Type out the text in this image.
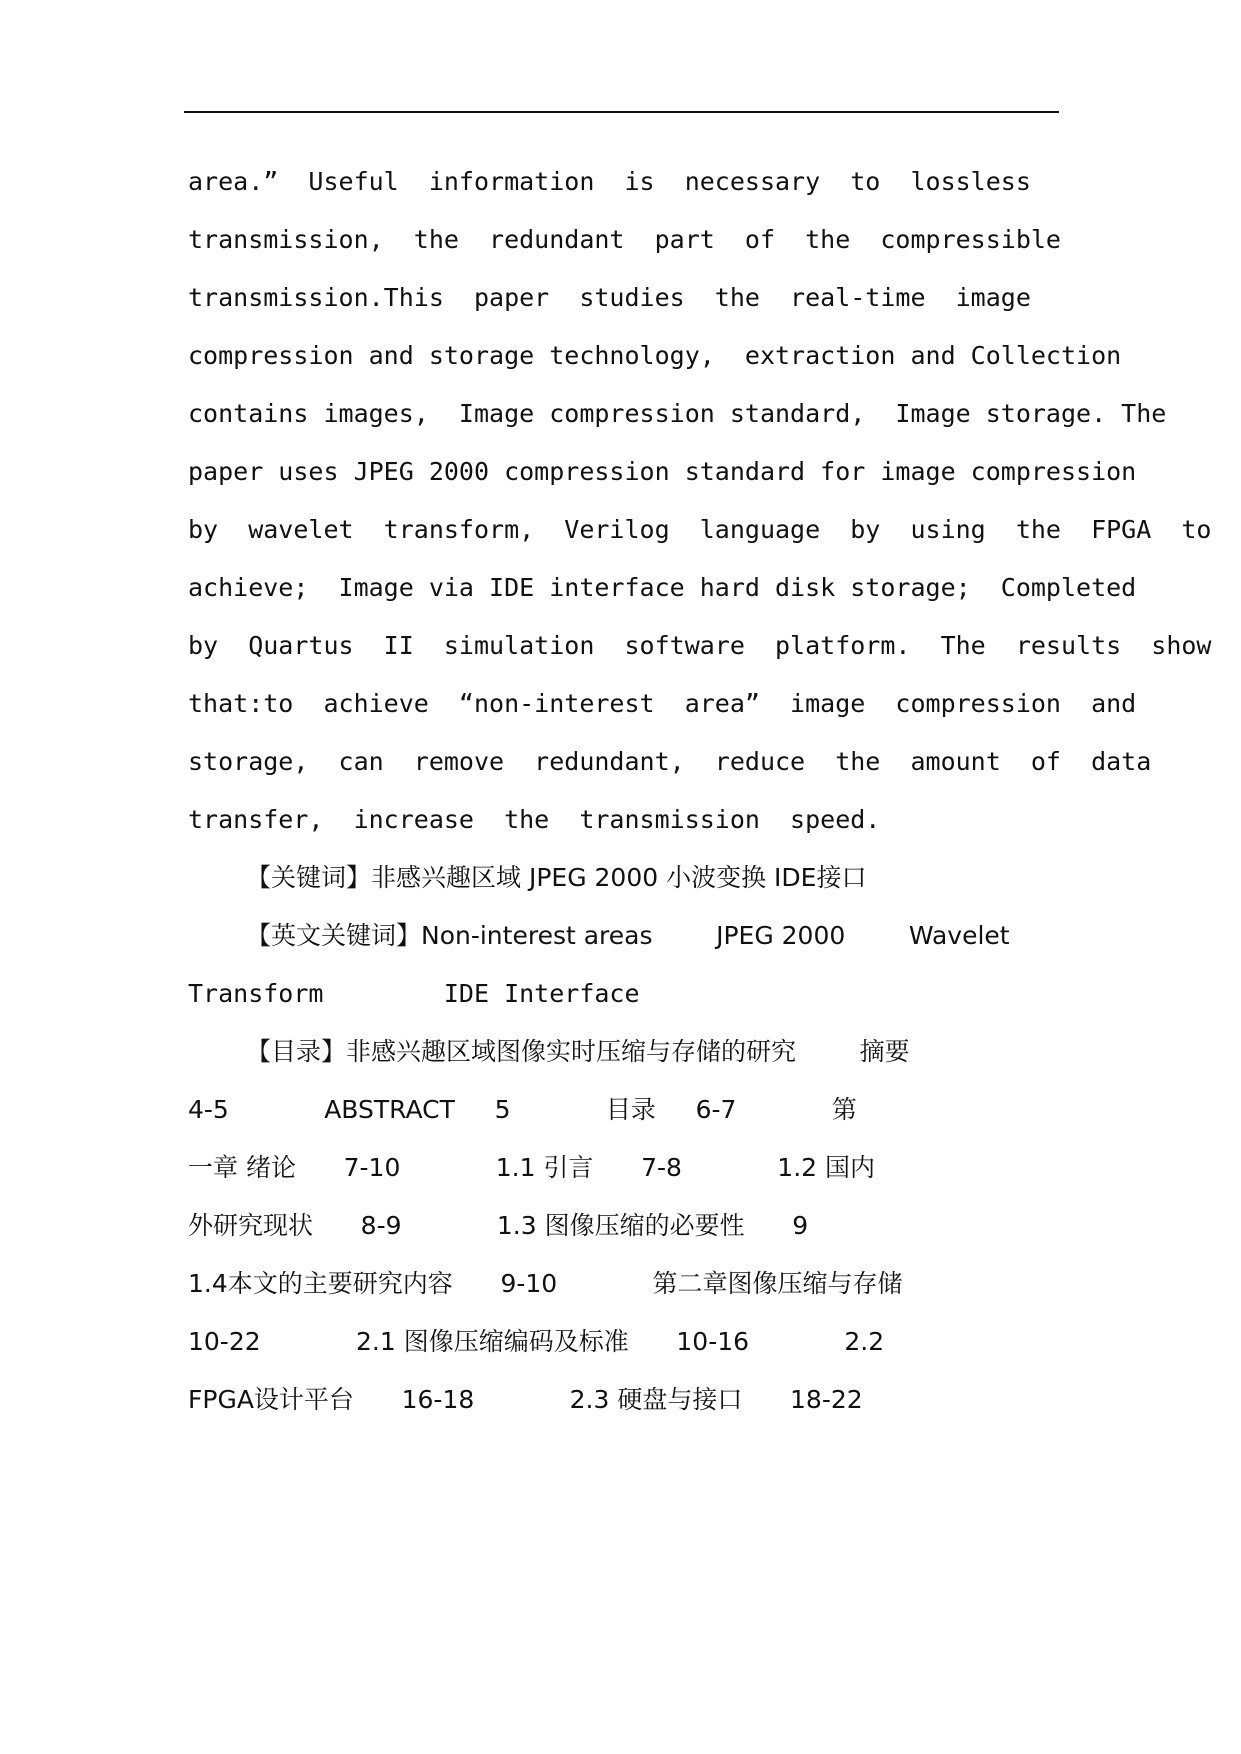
area.”  Useful  information  is  necessary  to  lossless
transmission,  the  redundant  part  of  the  compressible
transmission.This  paper  studies  the  real-time  image
compression and storage technology,  extraction and Collection
contains images,  Image compression standard,  Image storage. The
paper uses JPEG 2000 compression standard for image compression
by  wavelet  transform,  Verilog  language  by  using  the  FPGA  to
achieve;  Image via IDE interface hard disk storage;  Completed
by  Quartus  II  simulation  software  platform.  The  results  show
that:to  achieve  “non-interest  area”  image  compression  and
storage,  can  remove  redundant,  reduce  the  amount  of  data
transfer,  increase  the  transmission  speed.
【关键词】非感兴趣区域 JPEG 2000 小波变换 IDE接口
【英文关键词】Non-interest areas        JPEG 2000        Wavelet
Transform        IDE Interface
【目录】非感兴趣区域图像实时压缩与存储的研究        摘要
4-5            ABSTRACT     5            目录     6-7            第
一章 绪论      7-10            1.1 引言      7-8            1.2 国内
外研究现状      8-9            1.3 图像压缩的必要性      9
1.4本文的主要研究内容      9-10            第二章图像压缩与存储
10-22            2.1 图像压缩编码及标准      10-16            2.2
FPGA设计平台      16-18            2.3 硬盘与接口      18-22
